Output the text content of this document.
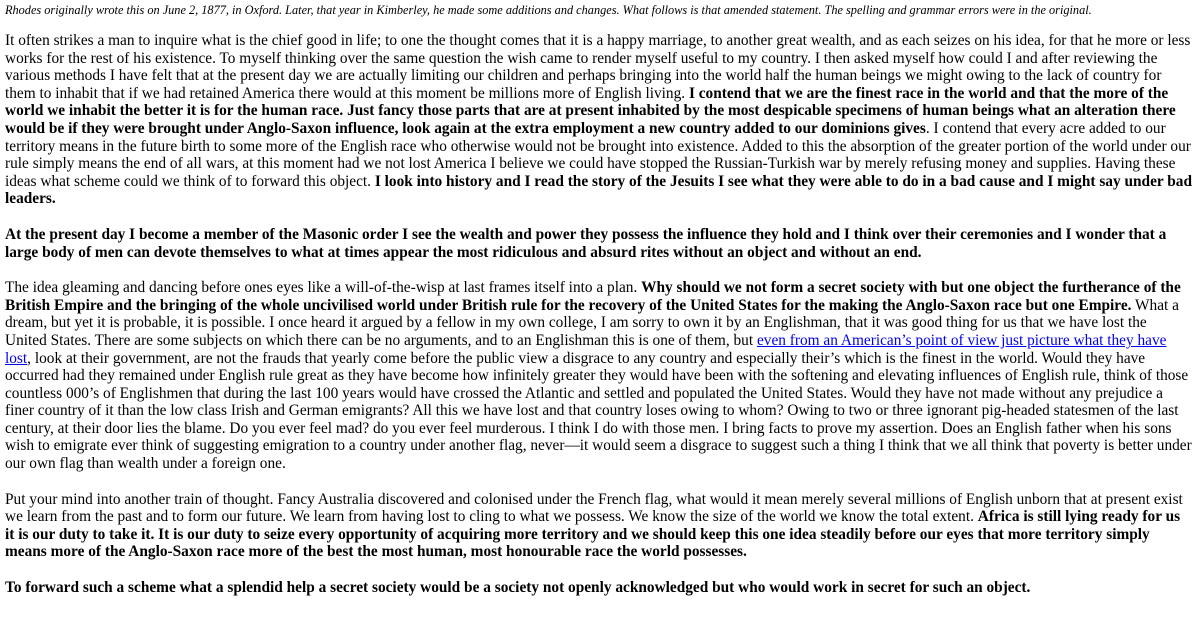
Rhodes originally wrote this on June 2, 1877, in Oxford. Later, that year in Kimberley, he made some additions and changes. What follows is that amended statement. The spelling and grammar errors were in the original.

It often strikes a man to inquire what is the chief good in life; to one the thought comes that it is a happy marriage, to another great wealth, and as each seizes on his idea, for that he more or less works for the rest of his existence. To myself thinking over the same question the wish came to render myself useful to my country. I then asked myself how could I and after reviewing the various methods I have felt that at the present day we are actually limiting our children and perhaps bringing into the world half the human beings we might owing to the lack of country for them to inhabit that if we had retained America there would at this moment be millions more of English living. I contend that we are the finest race in the world and that the more of the world we inhabit the better it is for the human race. Just fancy those parts that are at present inhabited by the most despicable specimens of human beings what an alteration there would be if they were brought under Anglo-Saxon influence, look again at the extra employment a new country added to our dominions gives. I contend that every acre added to our territory means in the future birth to some more of the English race who otherwise would not be brought into existence. Added to this the absorption of the greater portion of the world under our rule simply means the end of all wars, at this moment had we not lost America I believe we could have stopped the Russian-Turkish war by merely refusing money and supplies. Having these ideas what scheme could we think of to forward this object. I look into history and I read the story of the Jesuits I see what they were able to do in a bad cause and I might say under bad leaders.

At the present day I become a member of the Masonic order I see the wealth and power they possess the influence they hold and I think over their ceremonies and I wonder that a large body of men can devote themselves to what at times appear the most ridiculous and absurd rites without an object and without an end.

The idea gleaming and dancing before ones eyes like a will-of-the-wisp at last frames itself into a plan. Why should we not form a secret society with but one object the furtherance of the British Empire and the bringing of the whole uncivilised world under British rule for the recovery of the United States for the making the Anglo-Saxon race but one Empire. What a dream, but yet it is probable, it is possible. I once heard it argued by a fellow in my own college, I am sorry to own it by an Englishman, that it was good thing for us that we have lost the United States. There are some subjects on which there can be no arguments, and to an Englishman this is one of them, but even from an American’s point of view just picture what they have lost, look at their government, are not the frauds that yearly come before the public view a disgrace to any country and especially their’s which is the finest in the world. Would they have occurred had they remained under English rule great as they have become how infinitely greater they would have been with the softening and elevating influences of English rule, think of those countless 000’s of Englishmen that during the last 100 years would have crossed the Atlantic and settled and populated the United States. Would they have not made without any prejudice a finer country of it than the low class Irish and German emigrants? All this we have lost and that country loses owing to whom? Owing to two or three ignorant pig-headed statesmen of the last century, at their door lies the blame. Do you ever feel mad? do you ever feel murderous. I think I do with those men. I bring facts to prove my assertion. Does an English father when his sons wish to emigrate ever think of suggesting emigration to a country under another flag, never—it would seem a disgrace to suggest such a thing I think that we all think that poverty is better under our own flag than wealth under a foreign one.

Put your mind into another train of thought. Fancy Australia discovered and colonised under the French flag, what would it mean merely several millions of English unborn that at present exist we learn from the past and to form our future. We learn from having lost to cling to what we possess. We know the size of the world we know the total extent. Africa is still lying ready for us it is our duty to take it. It is our duty to seize every opportunity of acquiring more territory and we should keep this one idea steadily before our eyes that more territory simply means more of the Anglo-Saxon race more of the best the most human, most honourable race the world possesses.

To forward such a scheme what a splendid help a secret society would be a society not openly acknowledged but who would work in secret for such an object.
